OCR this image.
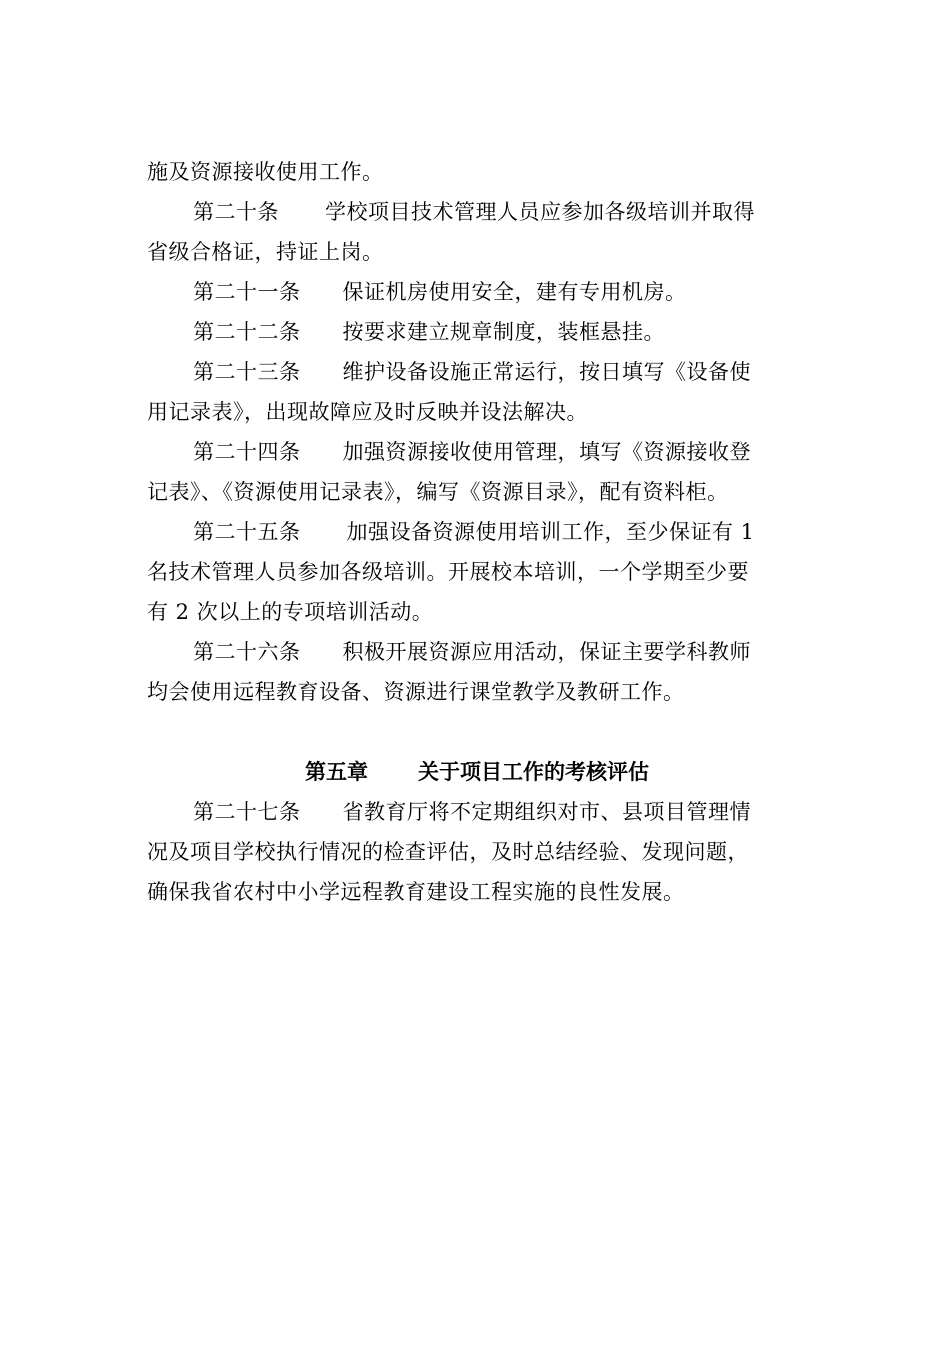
施及资源接收使用工作。
第二十条 学校项目技术管理人员应参加各级培训并取得
省级合格证，持证上岗。
第二十一条 保证机房使用安全，建有专用机房。
第二十二条 按要求建立规章制度，装框悬挂。
第二十三条 维护设备设施正常运行，按日填写《设备使
用记录表》，出现故障应及时反映并设法解决。
第二十四条 加强资源接收使用管理，填写《资源接收登
记表》、《资源使用记录表》，编写《资源目录》，配有资料柜。
第二十五条 加强设备资源使用培训工作，至少保证有 1
名技术管理人员参加各级培训。开展校本培训，一个学期至少要
有 2 次以上的专项培训活动。
第二十六条 积极开展资源应用活动，保证主要学科教师
均会使用远程教育设备、资源进行课堂教学及教研工作。
第五章 关于项目工作的考核评估
第二十七条 省教育厅将不定期组织对市、县项目管理情
况及项目学校执行情况的检查评估，及时总结经验、发现问题，
确保我省农村中小学远程教育建设工程实施的良性发展。
